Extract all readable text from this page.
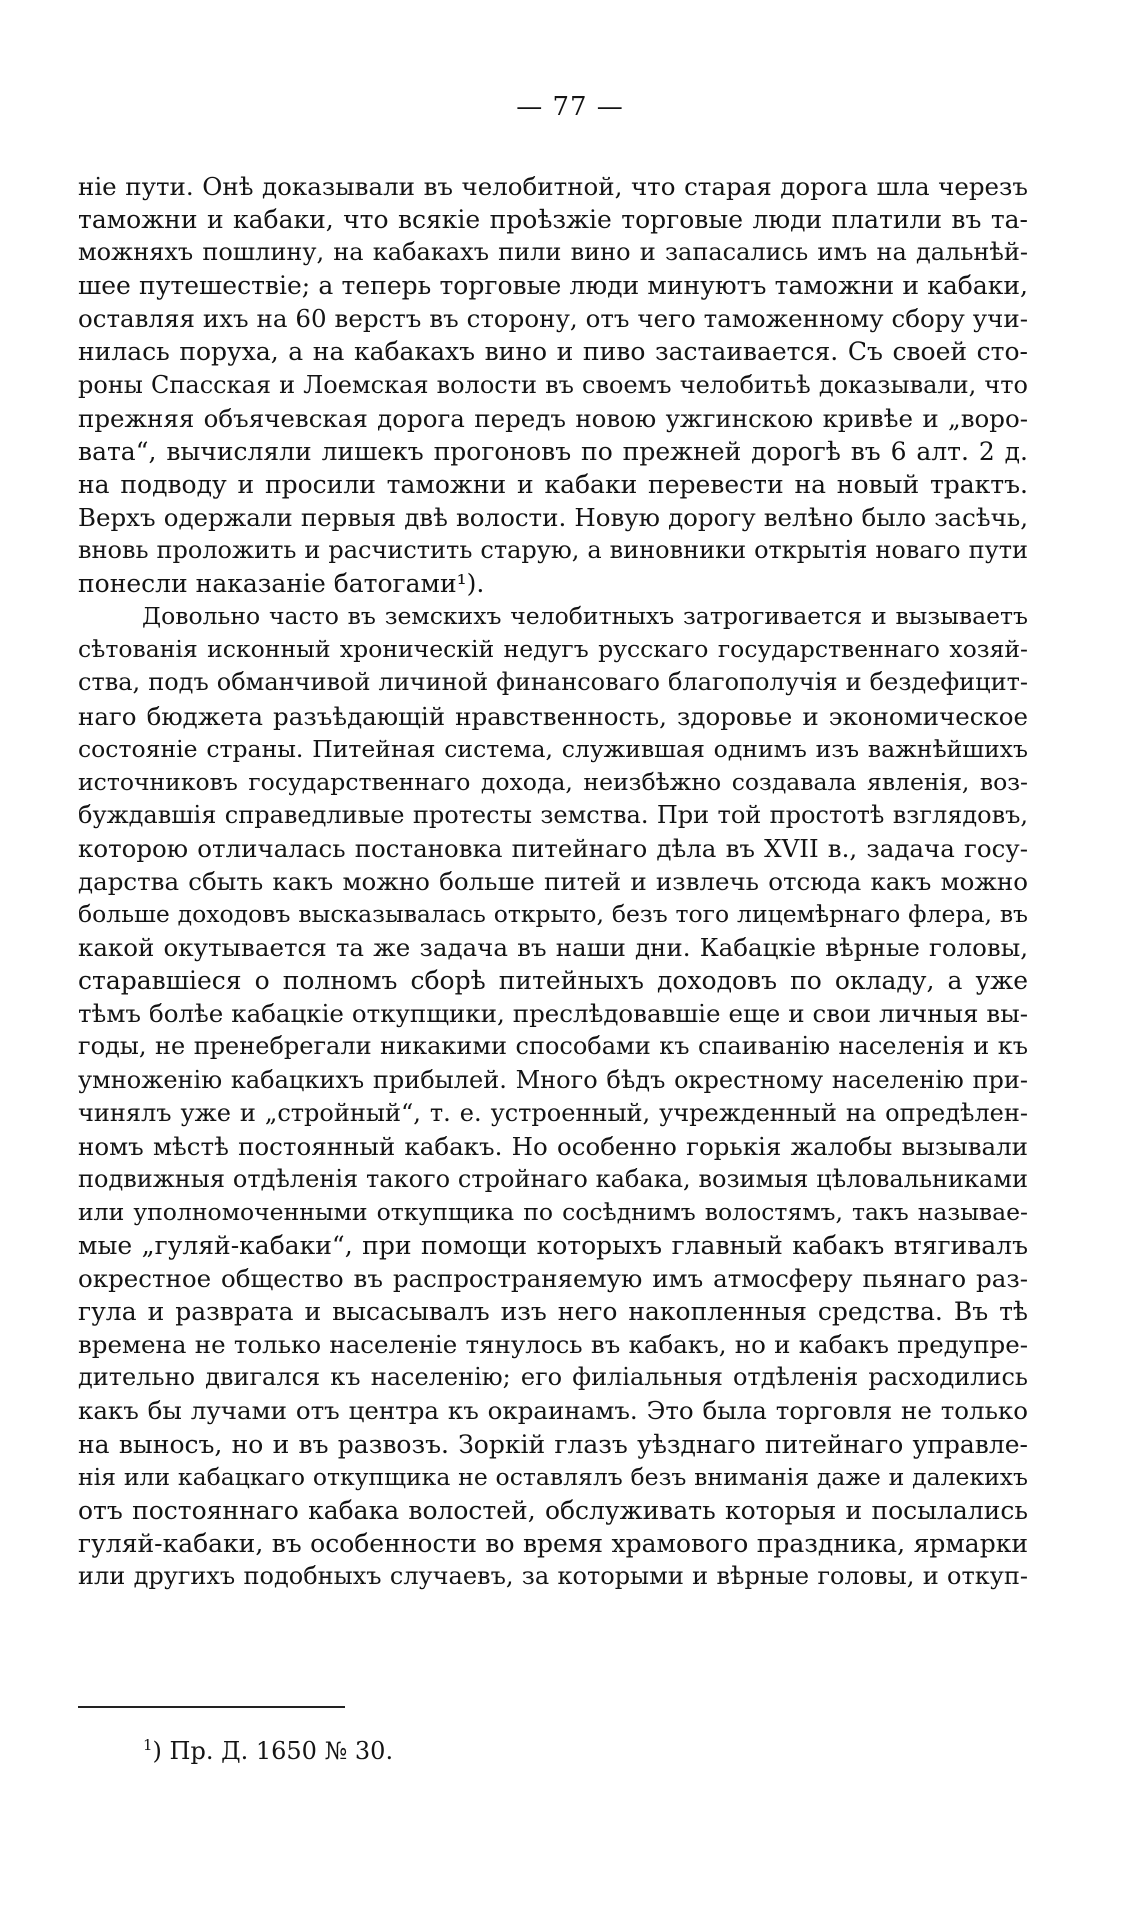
— 77 —
ніе пути. Онѣ доказывали въ челобитной, что старая дорога шла черезъ
таможни и кабаки, что всякіе проѣзжіе торговые люди платили въ та-
можняхъ пошлину, на кабакахъ пили вино и запасались имъ на дальнѣй-
шее путешествіе; а теперь торговые люди минуютъ таможни и кабаки,
оставляя ихъ на 60 верстъ въ сторону, отъ чего таможенному сбору учи-
нилась поруха, а на кабакахъ вино и пиво застаивается. Съ своей сто-
роны Спасская и Лоемская волости въ своемъ челобитьѣ доказывали, что
прежняя объячевская дорога передъ новою ужгинскою кривѣе и „воро-
вата“, вычисляли лишекъ прогоновъ по прежней дорогѣ въ 6 алт. 2 д.
на подводу и просили таможни и кабаки перевести на новый трактъ.
Верхъ одержали первыя двѣ волости. Новую дорогу велѣно было засѣчь,
вновь проложить и расчистить старую, а виновники открытія новаго пути
понесли наказаніе батогами¹).
Довольно часто въ земскихъ челобитныхъ затрогивается и вызываетъ
сѣтованія исконный хроническій недугъ русскаго государственнаго хозяй-
ства, подъ обманчивой личиной финансоваго благополучія и бездефицит-
наго бюджета разъѣдающій нравственность, здоровье и экономическое
состояніе страны. Питейная система, служившая однимъ изъ важнѣйшихъ
источниковъ государственнаго дохода, неизбѣжно создавала явленія, воз-
буждавшія справедливые протесты земства. При той простотѣ взглядовъ,
которою отличалась постановка питейнаго дѣла въ XVII в., задача госу-
дарства сбыть какъ можно больше питей и извлечь отсюда какъ можно
больше доходовъ высказывалась открыто, безъ того лицемѣрнаго флера, въ
какой окутывается та же задача въ наши дни. Кабацкіе вѣрные головы,
старавшіеся о полномъ сборѣ питейныхъ доходовъ по окладу, а уже
тѣмъ болѣе кабацкіе откупщики, преслѣдовавшіе еще и свои личныя вы-
годы, не пренебрегали никакими способами къ спаиванію населенія и къ
умноженію кабацкихъ прибылей. Много бѣдъ окрестному населенію при-
чинялъ уже и „стройный“, т. е. устроенный, учрежденный на опредѣлен-
номъ мѣстѣ постоянный кабакъ. Но особенно горькія жалобы вызывали
подвижныя отдѣленія такого стройнаго кабака, возимыя цѣловальниками
или уполномоченными откупщика по сосѣднимъ волостямъ, такъ называе-
мые „гуляй-кабаки“, при помощи которыхъ главный кабакъ втягивалъ
окрестное общество въ распространяемую имъ атмосферу пьянаго раз-
гула и разврата и высасывалъ изъ него накопленныя средства. Въ тѣ
времена не только населеніе тянулось въ кабакъ, но и кабакъ предупре-
дительно двигался къ населенію; его филіальныя отдѣленія расходились
какъ бы лучами отъ центра къ окраинамъ. Это была торговля не только
на выносъ, но и въ развозъ. Зоркій глазъ уѣзднаго питейнаго управле-
нія или кабацкаго откупщика не оставлялъ безъ вниманія даже и далекихъ
отъ постояннаго кабака волостей, обслуживать которыя и посылались
гуляй-кабаки, въ особенности во время храмового праздника, ярмарки
или другихъ подобныхъ случаевъ, за которыми и вѣрные головы, и откуп-
$^1$) Пр. Д. 1650 № 30.
